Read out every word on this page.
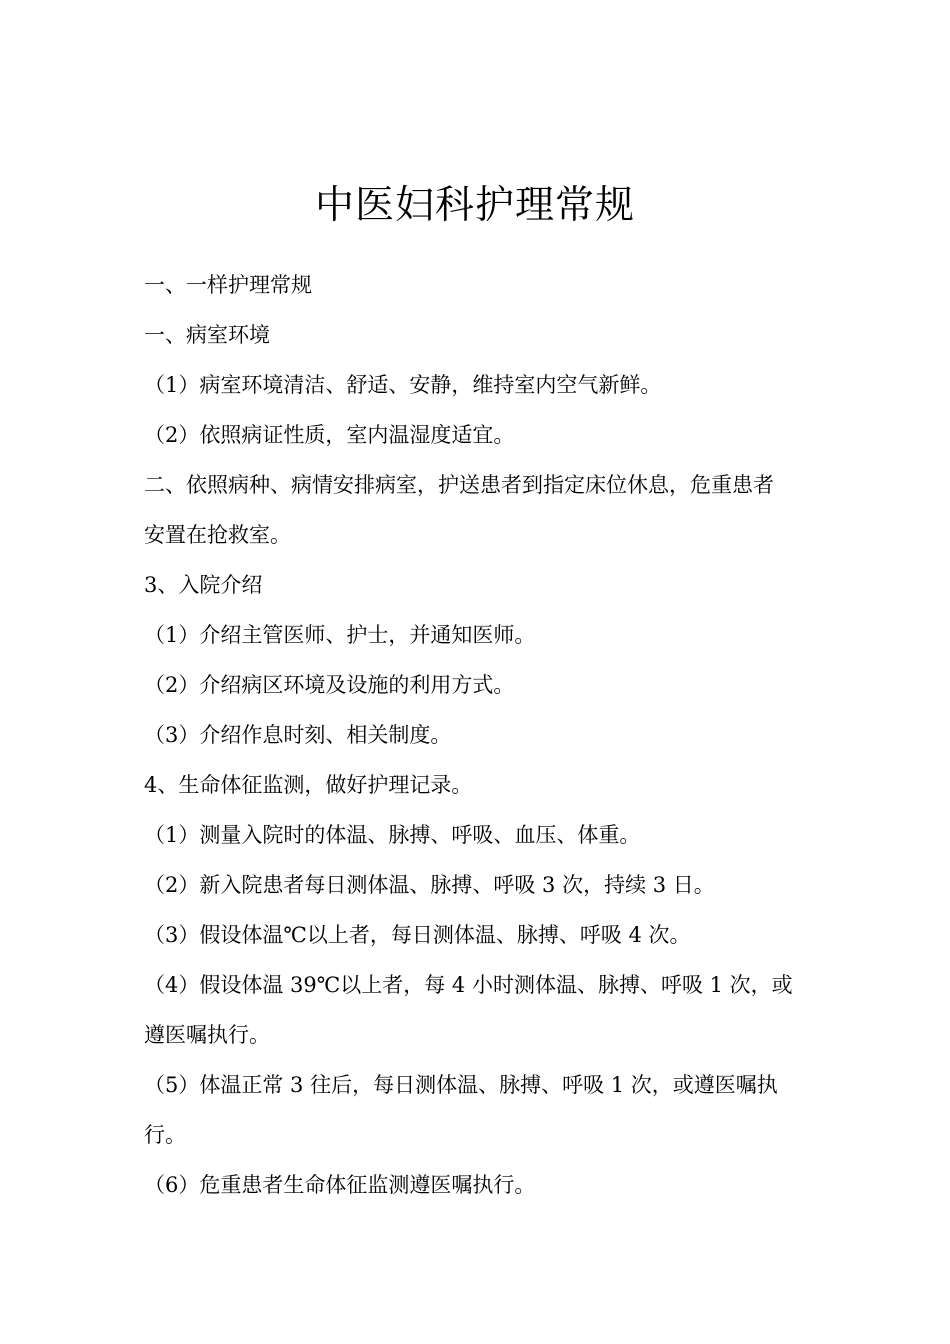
中医妇科护理常规

一、一样护理常规

一、病室环境

（1）病室环境清洁、舒适、安静，维持室内空气新鲜。

（2）依照病证性质，室内温湿度适宜。

二、依照病种、病情安排病室，护送患者到指定床位休息，危重患者

安置在抢救室。

3、入院介绍

（1）介绍主管医师、护士，并通知医师。

（2）介绍病区环境及设施的利用方式。

（3）介绍作息时刻、相关制度。

4、生命体征监测，做好护理记录。

（1）测量入院时的体温、脉搏、呼吸、血压、体重。

（2）新入院患者每日测体温、脉搏、呼吸 3 次，持续 3 日。

（3）假设体温℃以上者，每日测体温、脉搏、呼吸 4 次。

（4）假设体温 39℃以上者，每 4 小时测体温、脉搏、呼吸 1 次，或

遵医嘱执行。

（5）体温正常 3 往后，每日测体温、脉搏、呼吸 1 次，或遵医嘱执

行。

（6）危重患者生命体征监测遵医嘱执行。
